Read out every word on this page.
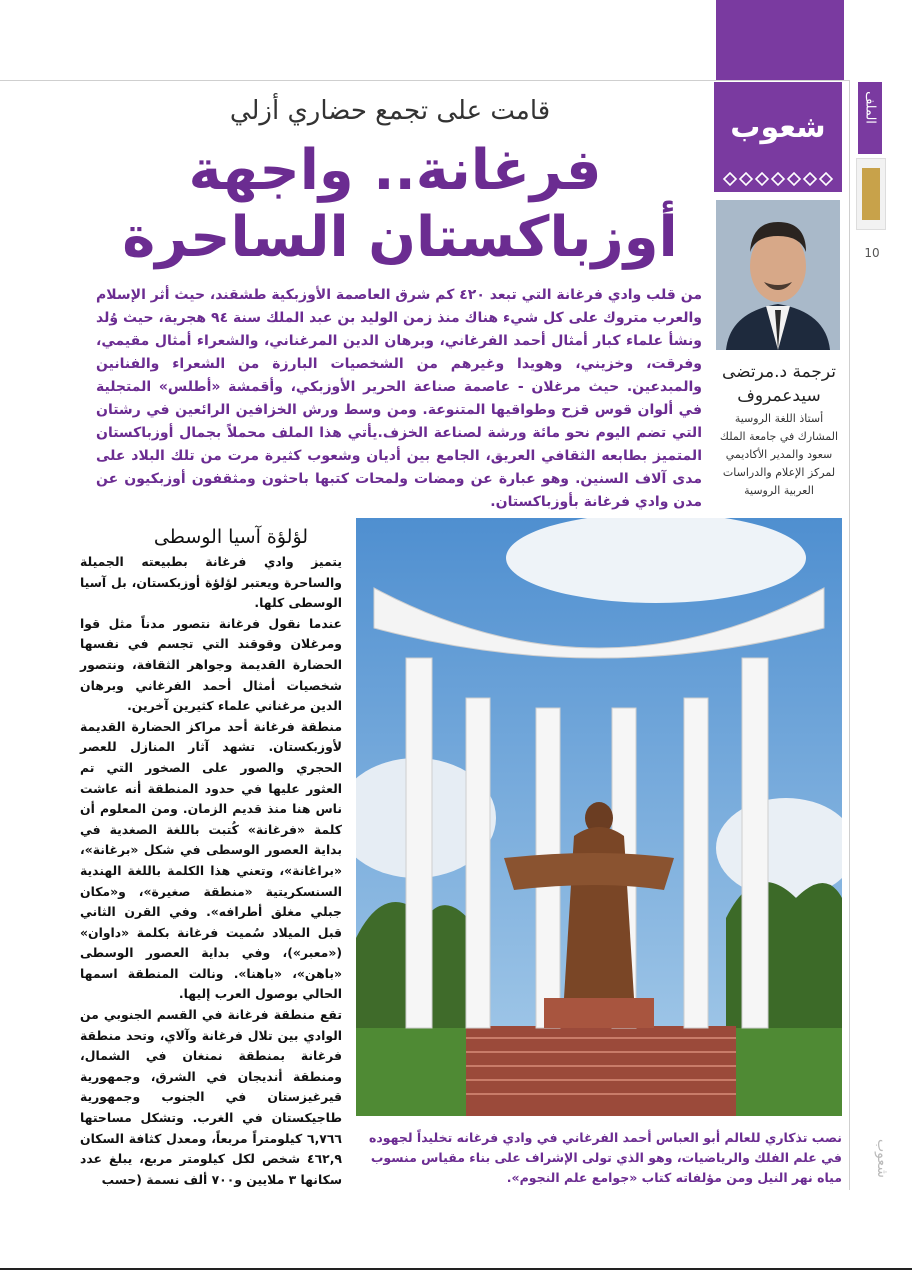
شعوب
الملف
10
شعوب
قامت على تجمع حضاري أزلي
فرغانة.. واجهة
أوزباكستان الساحرة
ترجمة د.مرتضى
سيدعمروف
أستاذ اللغة الروسية المشارك في جامعة الملك سعود والمدير الأكاديمي لمركز الإعلام والدراسات العربية الروسية
من قلب وادي فرغانة التي تبعد ٤٢٠ كم شرق العاصمة الأوزبكية طشقند، حيث أثر الإسلام والعرب متروك على كل شيء هناك منذ زمن الوليد بن عبد الملك سنة ٩٤ هجرية، حيث وُلد ونشأ علماء كبار أمثال أحمد الفرغاني، وبرهان الدين المرغناني، والشعراء أمثال مقيمي، وفرقت، وخزيني، وهويدا وغيرهم من الشخصيات البارزة من الشعراء والفنانين والمبدعين. حيث مرغلان - عاصمة صناعة الحرير الأوزبكي، وأقمشة «أطلس» المتجلية في ألوان قوس قزح وطواقيها المتنوعة. ومن وسط ورش الخزافين الرائعين في رشتان التي تضم اليوم نحو مائة ورشة لصناعة الخزف.يأتي هذا الملف محملاً بجمال أوزباكستان المتميز بطابعه الثقافي العريق، الجامع بين أديان وشعوب كثيرة مرت من تلك البلاد على مدى آلاف السنين. وهو عبارة عن ومضات ولمحات كتبها باحثون ومثقفون أوزبكيون عن مدن وادي فرغانة بأوزباكستان.
لؤلؤة آسيا الوسطى

يتميز وادي فرغانة بطبيعته الجميلة والساحرة ويعتبر لؤلؤة أوزبكستان، بل آسيا الوسطى كلها.

عندما نقول فرغانة نتصور مدناً مثل قوا ومرغلان وقوقند التي تجسم في نفسها الحضارة القديمة وجواهر الثقافة، ونتصور شخصيات أمثال أحمد الفرغاني وبرهان الدين مرغناني علماء كثيرين آخرين.

منطقة فرغانة أحد مراكز الحضارة القديمة لأوزبكستان. تشهد آثار المنازل للعصر الحجري والصور على الصخور التي تم العثور عليها في حدود المنطقة أنه عاشت ناس هنا منذ قديم الزمان. ومن المعلوم أن كلمة «فرغانة» كُتبت باللغة الصغدية في بداية العصور الوسطى في شكل «برغانة»، «براغانة»، وتعني هذا الكلمة باللغة الهندية السنسكريتية «منطقة صغيرة»، و«مكان جبلي مغلق أطرافه». وفي القرن الثاني قبل الميلاد سُميت فرغانة بكلمة «داوان» («معبر»)، وفي بداية العصور الوسطى «باهن»، «باهنا». ونالت المنطقة اسمها الحالي بوصول العرب إليها.

تقع منطقة فرغانة في القسم الجنوبي من الوادي بين تلال فرغانة وآلاي، وتحد منطقة فرغانة بمنطقة نمنغان في الشمال، ومنطقة أنديجان في الشرق، وجمهورية قيرغيزستان في الجنوب وجمهورية طاجيكستان في الغرب. وتشكل مساحتها ٦,٧٦٦ كيلومتراً مربعاً، ومعدل كثافة السكان ٤٦٢,٩ شخص لكل كيلومتر مربع، يبلغ عدد سكانها ٣ ملايين و٧٠٠ ألف نسمة (حسب

نصب تذكاري للعالم أبو العباس أحمد الفرغاني في وادي فرغانه تخليداً لجهوده في علم الفلك والرياضيات، وهو الذي تولى الإشراف على بناء مقياس منسوب مياه نهر النيل ومن مؤلفاته كتاب «جوامع علم النجوم».
